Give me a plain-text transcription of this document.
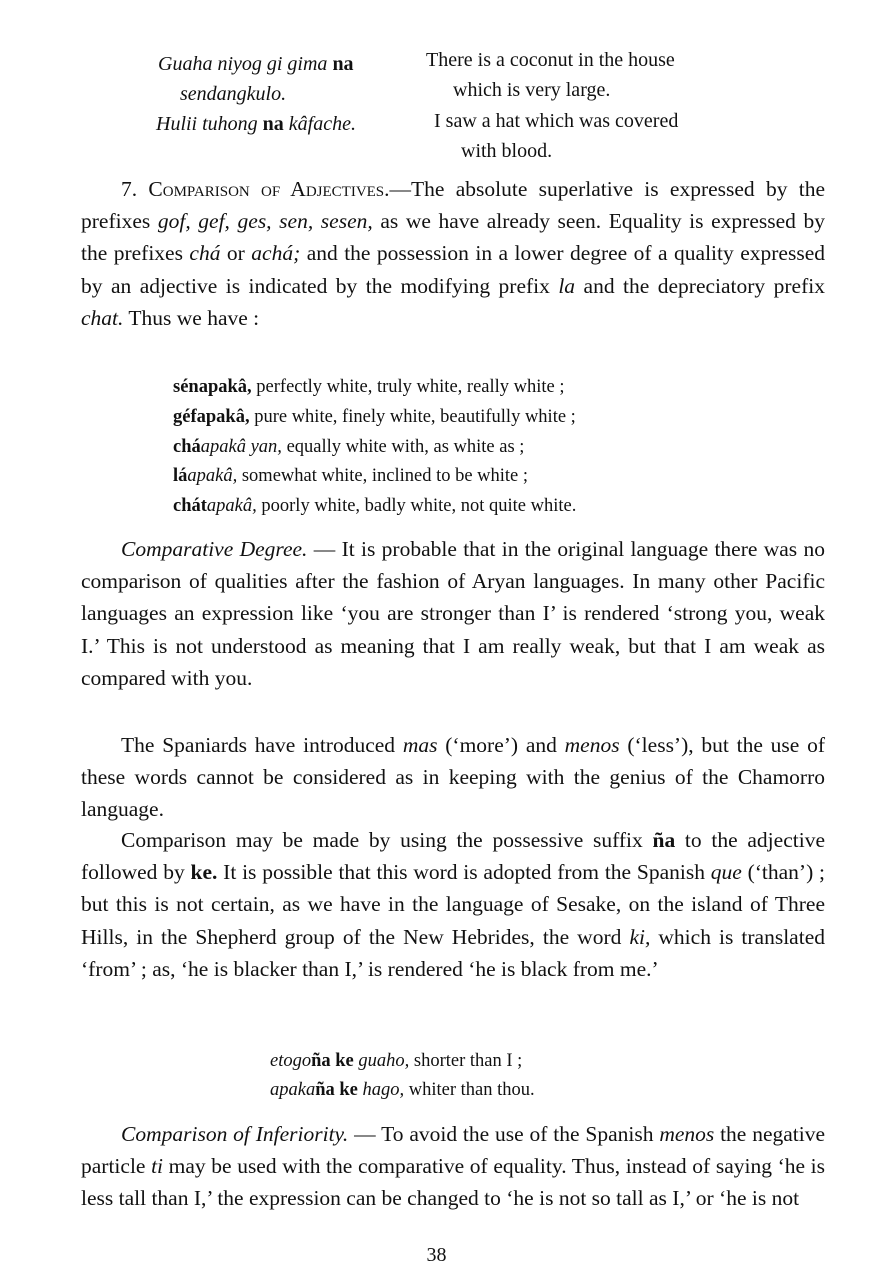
Guaha niyog gi gima na
sendangkulo.
There is a coconut in the house
which is very large.
Hulii tuhong na kâfache.	I saw a hat which was covered
with blood.

7. Comparison of Adjectives.—The absolute superlative is expressed by the prefixes gof, gef, ges, sen, sesen, as we have already seen. Equality is expressed by the prefixes chá or achá; and the possession in a lower degree of a quality expressed by an adjective is indicated by the modifying prefix la and the depreciatory prefix chat. Thus we have :

sénapakâ, perfectly white, truly white, really white ;
géfapakâ, pure white, finely white, beautifully white ;
cháapakâ yan, equally white with, as white as ;
láapakâ, somewhat white, inclined to be white ;
chátapakâ, poorly white, badly white, not quite white.

Comparative Degree. — It is probable that in the original language there was no comparison of qualities after the fashion of Aryan languages. In many other Pacific languages an expression like ‘you are stronger than I’ is rendered ‘strong you, weak I.’ This is not understood as meaning that I am really weak, but that I am weak as compared with you.

The Spaniards have introduced mas (‘more’) and menos (‘less’), but the use of these words cannot be considered as in keeping with the genius of the Chamorro language.

Comparison may be made by using the possessive suffix ña to the adjective followed by ke. It is possible that this word is adopted from the Spanish que (‘than’) ; but this is not certain, as we have in the language of Sesake, on the island of Three Hills, in the Shepherd group of the New Hebrides, the word ki, which is translated ‘from’ ; as, ‘he is blacker than I,’ is rendered ‘he is black from me.’

etogoña ke guaho, shorter than I ;
apakaña ke hago, whiter than thou.

Comparison of Inferiority. — To avoid the use of the Spanish menos the negative particle ti may be used with the comparative of equality. Thus, instead of saying ‘he is less tall than I,’ the expression can be changed to ‘he is not so tall as I,’ or ‘he is not

38
